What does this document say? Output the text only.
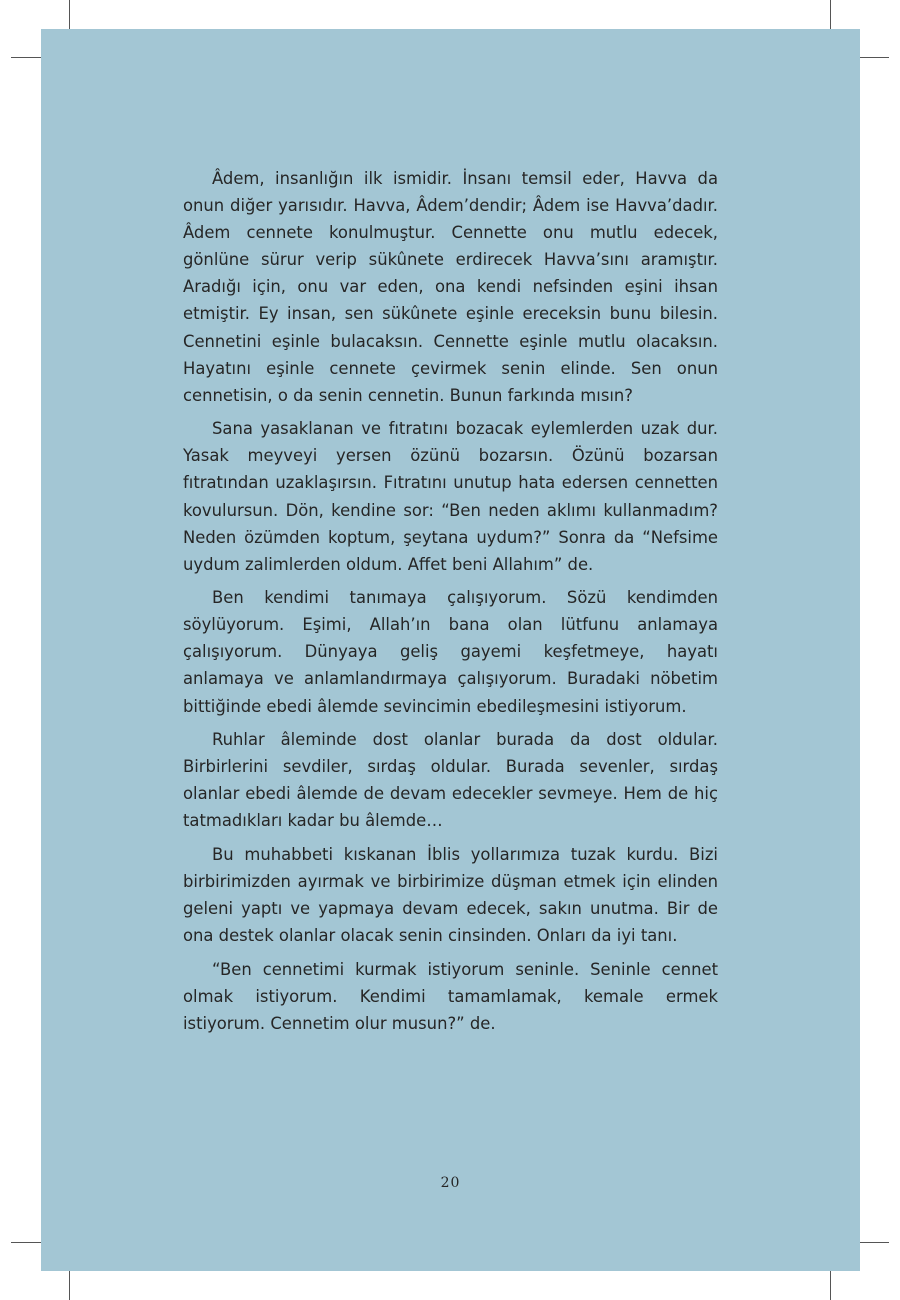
Âdem, insanlığın ilk ismidir. İnsanı temsil eder, Havva da onun diğer yarısıdır. Havva, Âdem’dendir; Âdem ise Havva’dadır. Âdem cennete konulmuştur. Cennette onu mutlu edecek, gönlüne sürur verip sükûnete erdirecek Havva’sını aramıştır. Aradığı için, onu var eden, ona kendi nefsinden eşini ihsan etmiştir. Ey insan, sen sükûnete eşinle ereceksin bunu bilesin. Cennetini eşinle bulacaksın. Cennette eşinle mutlu olacaksın. Hayatını eşinle cennete çevirmek senin elinde. Sen onun cennetisin, o da senin cennetin. Bunun farkında mısın?

Sana yasaklanan ve fıtratını bozacak eylemlerden uzak dur. Yasak meyveyi yersen özünü bozarsın. Özünü bozarsan fıtratından uzaklaşırsın. Fıtratını unutup hata edersen cennetten kovulursun. Dön, kendine sor: “Ben neden aklımı kullanmadım? Neden özümden koptum, şeytana uydum?” Sonra da “Nefsime uydum zalimlerden oldum. Affet beni Allahım” de.

Ben kendimi tanımaya çalışıyorum. Sözü kendimden söylüyorum. Eşimi, Allah’ın bana olan lütfunu anlamaya çalışıyorum. Dünyaya geliş gayemi keşfetmeye, hayatı anlamaya ve anlamlandırmaya çalışıyorum. Buradaki nöbetim bittiğinde ebedi âlemde sevincimin ebedileşmesini istiyorum.

Ruhlar âleminde dost olanlar burada da dost oldular. Birbirlerini sevdiler, sırdaş oldular. Burada sevenler, sırdaş olanlar ebedi âlemde de devam edecekler sevmeye. Hem de hiç tatmadıkları kadar bu âlemde…

Bu muhabbeti kıskanan İblis yollarımıza tuzak kurdu. Bizi birbirimizden ayırmak ve birbirimize düşman etmek için elinden geleni yaptı ve yapmaya devam edecek, sakın unutma. Bir de ona destek olanlar olacak senin cinsinden. Onları da iyi tanı.

“Ben cennetimi kurmak istiyorum seninle. Seninle cennet olmak istiyorum. Kendimi tamamlamak, kemale ermek istiyorum. Cennetim olur musun?” de.

20
